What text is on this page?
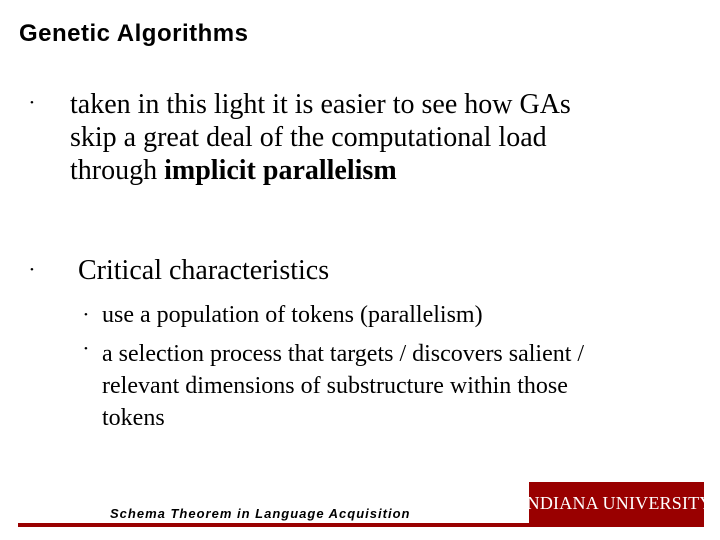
Genetic Algorithms
• taken in this light it is easier to see how GAs
skip a great deal of the computational load
through implicit parallelism
• Critical characteristics
• use a population of tokens (parallelism)
• a selection process that targets / discovers salient /
relevant dimensions of substructure within those
tokens
Schema Theorem in Language Acquisition
INDIANA UNIVERSITY
